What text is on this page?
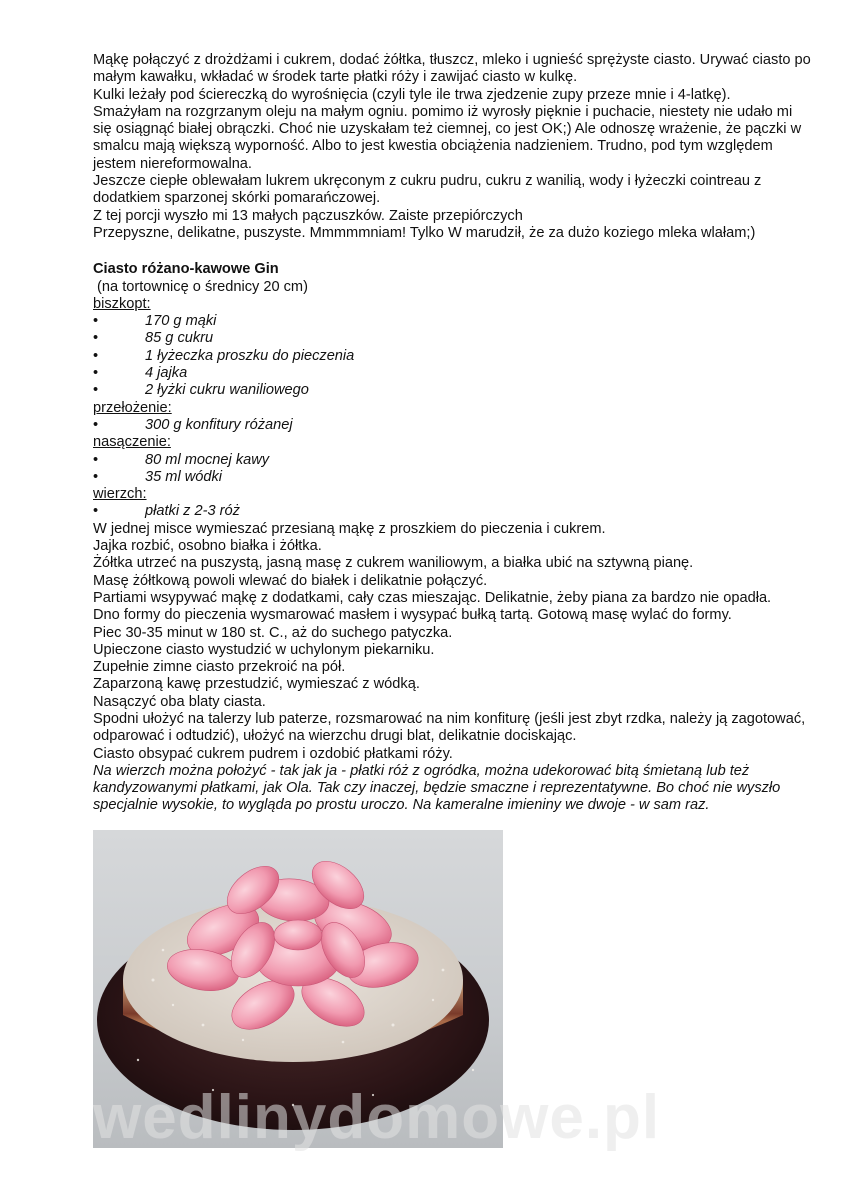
Mąkę połączyć z drożdżami i cukrem, dodać żółtka, tłuszcz, mleko i ugnieść sprężyste ciasto. Urywać ciasto po małym kawałku, wkładać w środek tarte płatki róży i zawijać ciasto w kulkę.

Kulki leżały pod ściereczką do wyrośnięcia (czyli tyle ile trwa zjedzenie zupy przeze mnie i 4-latkę).

Smażyłam na rozgrzanym oleju na małym ogniu. pomimo iż wyrosły pięknie i puchacie, niestety nie udało mi się osiągnąć białej obrączki. Choć nie uzyskałam też ciemnej, co jest OK;) Ale odnoszę wrażenie, że pączki w smalcu mają większą wyporność. Albo to jest kwestia obciążenia nadzieniem. Trudno, pod tym względem jestem niereformowalna.

Jeszcze ciepłe oblewałam lukrem ukręconym z cukru pudru, cukru z wanilią, wody i łyżeczki cointreau z dodatkiem sparzonej skórki pomarańczowej.

Z tej porcji wyszło mi 13 małych pączuszków. Zaiste przepiórczych

Przepyszne, delikatne, puszyste. Mmmmmniam! Tylko W marudził, że za dużo koziego mleka wlałam;)

Ciasto różano-kawowe Gin

(na tortownicę o średnicy 20 cm)

biszkopt:

• 170 g mąki
• 85 g cukru
• 1 łyżeczka proszku do pieczenia
• 4 jajka
• 2 łyżki cukru waniliowego

przełożenie:

• 300 g konfitury różanej

nasączenie:

• 80 ml mocnej kawy
• 35 ml wódki

wierzch:

• płatki z 2-3 róż

W jednej misce wymieszać przesianą mąkę z proszkiem do pieczenia i cukrem.

Jajka rozbić, osobno białka i żółtka.

Żółtka utrzeć na puszystą, jasną masę z cukrem waniliowym, a białka ubić na sztywną pianę.

Masę żółtkową powoli wlewać do białek i delikatnie połączyć.

Partiami wsypywać mąkę z dodatkami, cały czas mieszając. Delikatnie, żeby piana za bardzo nie opadła.

Dno formy do pieczenia wysmarować masłem i wysypać bułką tartą. Gotową masę wylać do formy.

Piec 30-35 minut w 180 st. C., aż do suchego patyczka.

Upieczone ciasto wystudzić w uchylonym piekarniku.

Zupełnie zimne ciasto przekroić na pół.

Zaparzoną kawę przestudzić, wymieszać z wódką.

Nasączyć oba blaty ciasta.

Spodni ułożyć na talerzy lub paterze, rozsmarować na nim konfiturę (jeśli jest zbyt rzdka, należy ją zagotować, odparować i odtudzić), ułożyć na wierzchu drugi blat, delikatnie dociskając.

Ciasto obsypać cukrem pudrem i ozdobić płatkami róży.

Na wierzch można położyć - tak jak ja - płatki róż z ogródka, można udekorować bitą śmietaną lub też kandyzowanymi płatkami, jak Ola. Tak czy inaczej, będzie smaczne i reprezentatywne. Bo choć nie wyszło specjalnie wysokie, to wygląda po prostu uroczo. Na kameralne imieniny we dwoje - w sam raz.

wedlinydomowe.pl
